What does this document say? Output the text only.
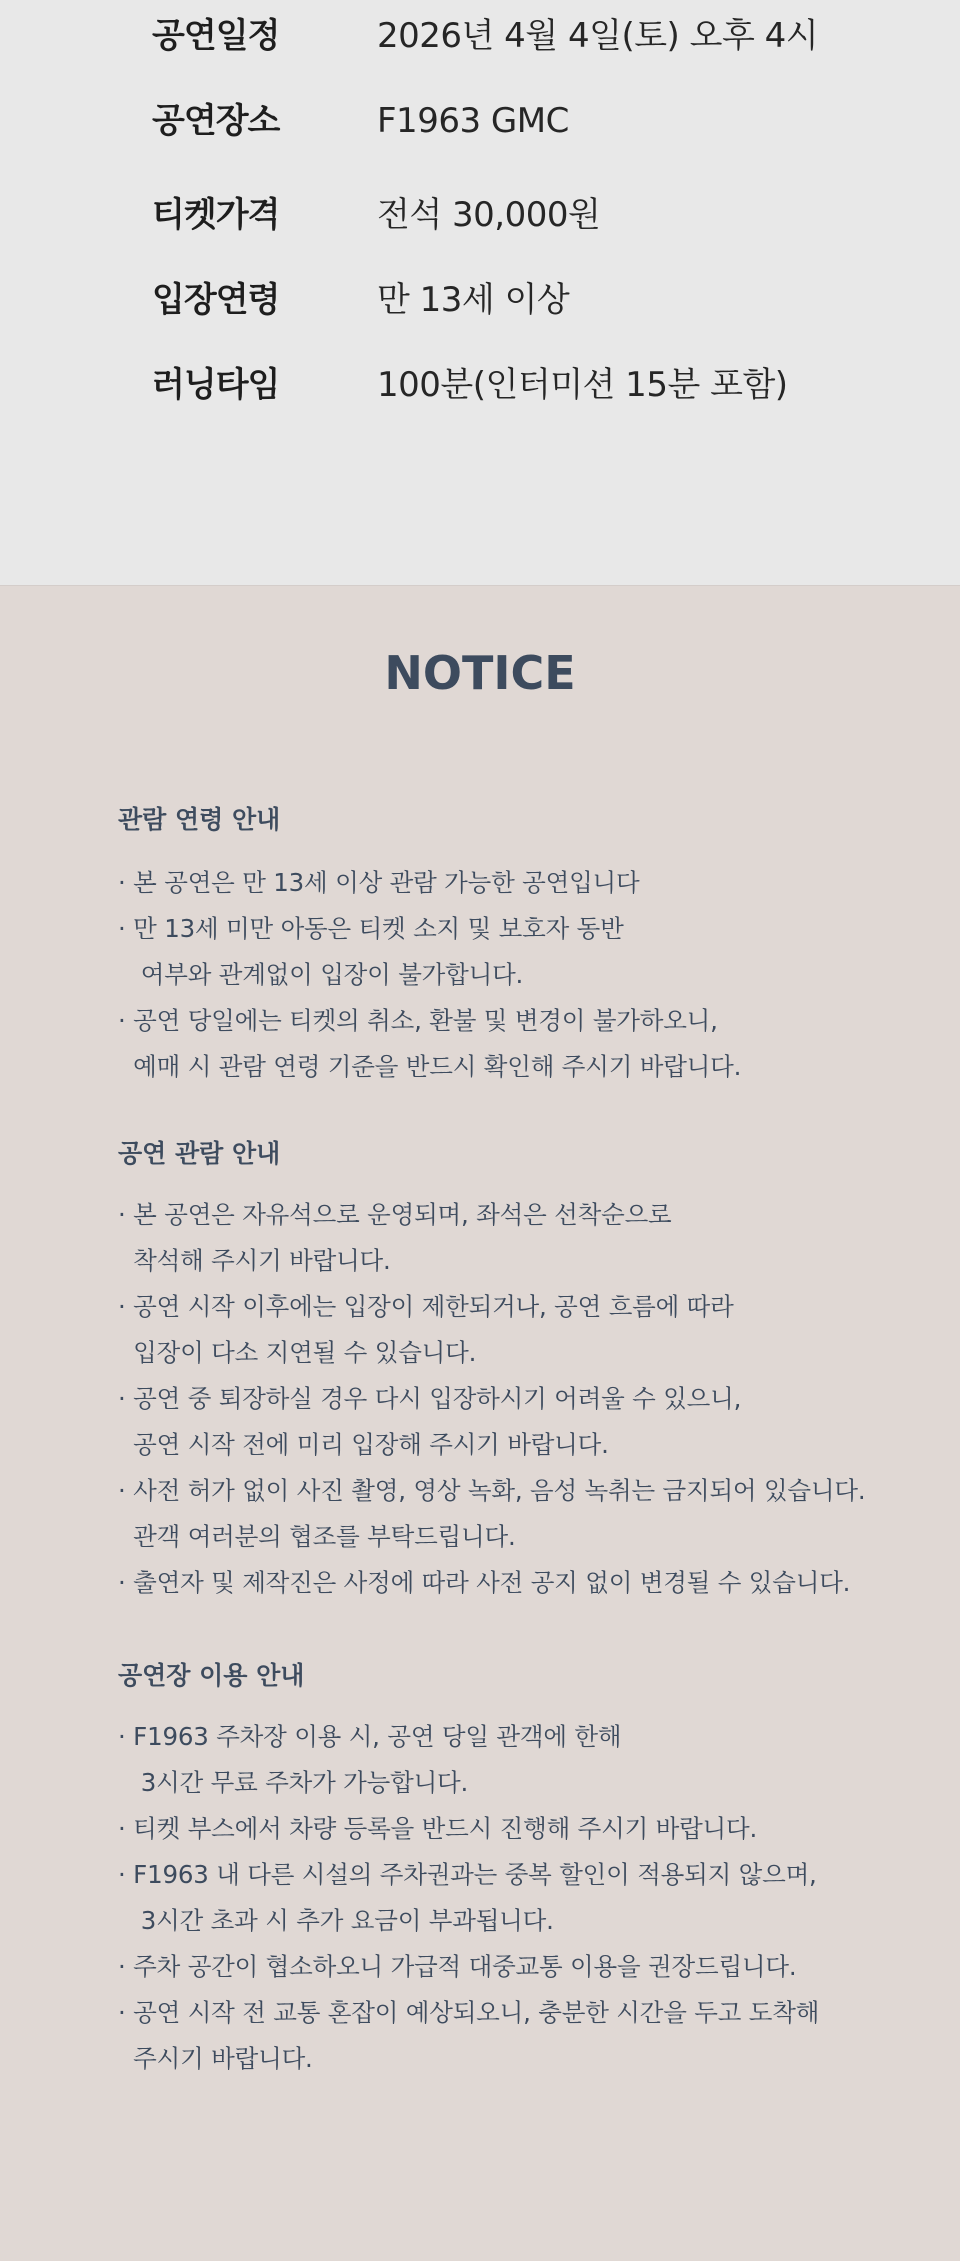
공연일정	2026년 4월 4일(토) 오후 4시
공연장소	F1963 GMC
티켓가격	전석 30,000원
입장연령	만 13세 이상
러닝타임	100분(인터미션 15분 포함)
NOTICE
관람 연령 안내
· 본 공연은 만 13세 이상 관람 가능한 공연입니다
· 만 13세 미만 아동은 티켓 소지 및 보호자 동반
여부와 관계없이 입장이 불가합니다.
· 공연 당일에는 티켓의 취소, 환불 및 변경이 불가하오니,
예매 시 관람 연령 기준을 반드시 확인해 주시기 바랍니다.
공연 관람 안내
· 본 공연은 자유석으로 운영되며, 좌석은 선착순으로
착석해 주시기 바랍니다.
· 공연 시작 이후에는 입장이 제한되거나, 공연 흐름에 따라
입장이 다소 지연될 수 있습니다.
· 공연 중 퇴장하실 경우 다시 입장하시기 어려울 수 있으니,
공연 시작 전에 미리 입장해 주시기 바랍니다.
· 사전 허가 없이 사진 촬영, 영상 녹화, 음성 녹취는 금지되어 있습니다.
관객 여러분의 협조를 부탁드립니다.
· 출연자 및 제작진은 사정에 따라 사전 공지 없이 변경될 수 있습니다.
공연장 이용 안내
· F1963 주차장 이용 시, 공연 당일 관객에 한해
3시간 무료 주차가 가능합니다.
· 티켓 부스에서 차량 등록을 반드시 진행해 주시기 바랍니다.
· F1963 내 다른 시설의 주차권과는 중복 할인이 적용되지 않으며,
3시간 초과 시 추가 요금이 부과됩니다.
· 주차 공간이 협소하오니 가급적 대중교통 이용을 권장드립니다.
· 공연 시작 전 교통 혼잡이 예상되오니, 충분한 시간을 두고 도착해
주시기 바랍니다.
